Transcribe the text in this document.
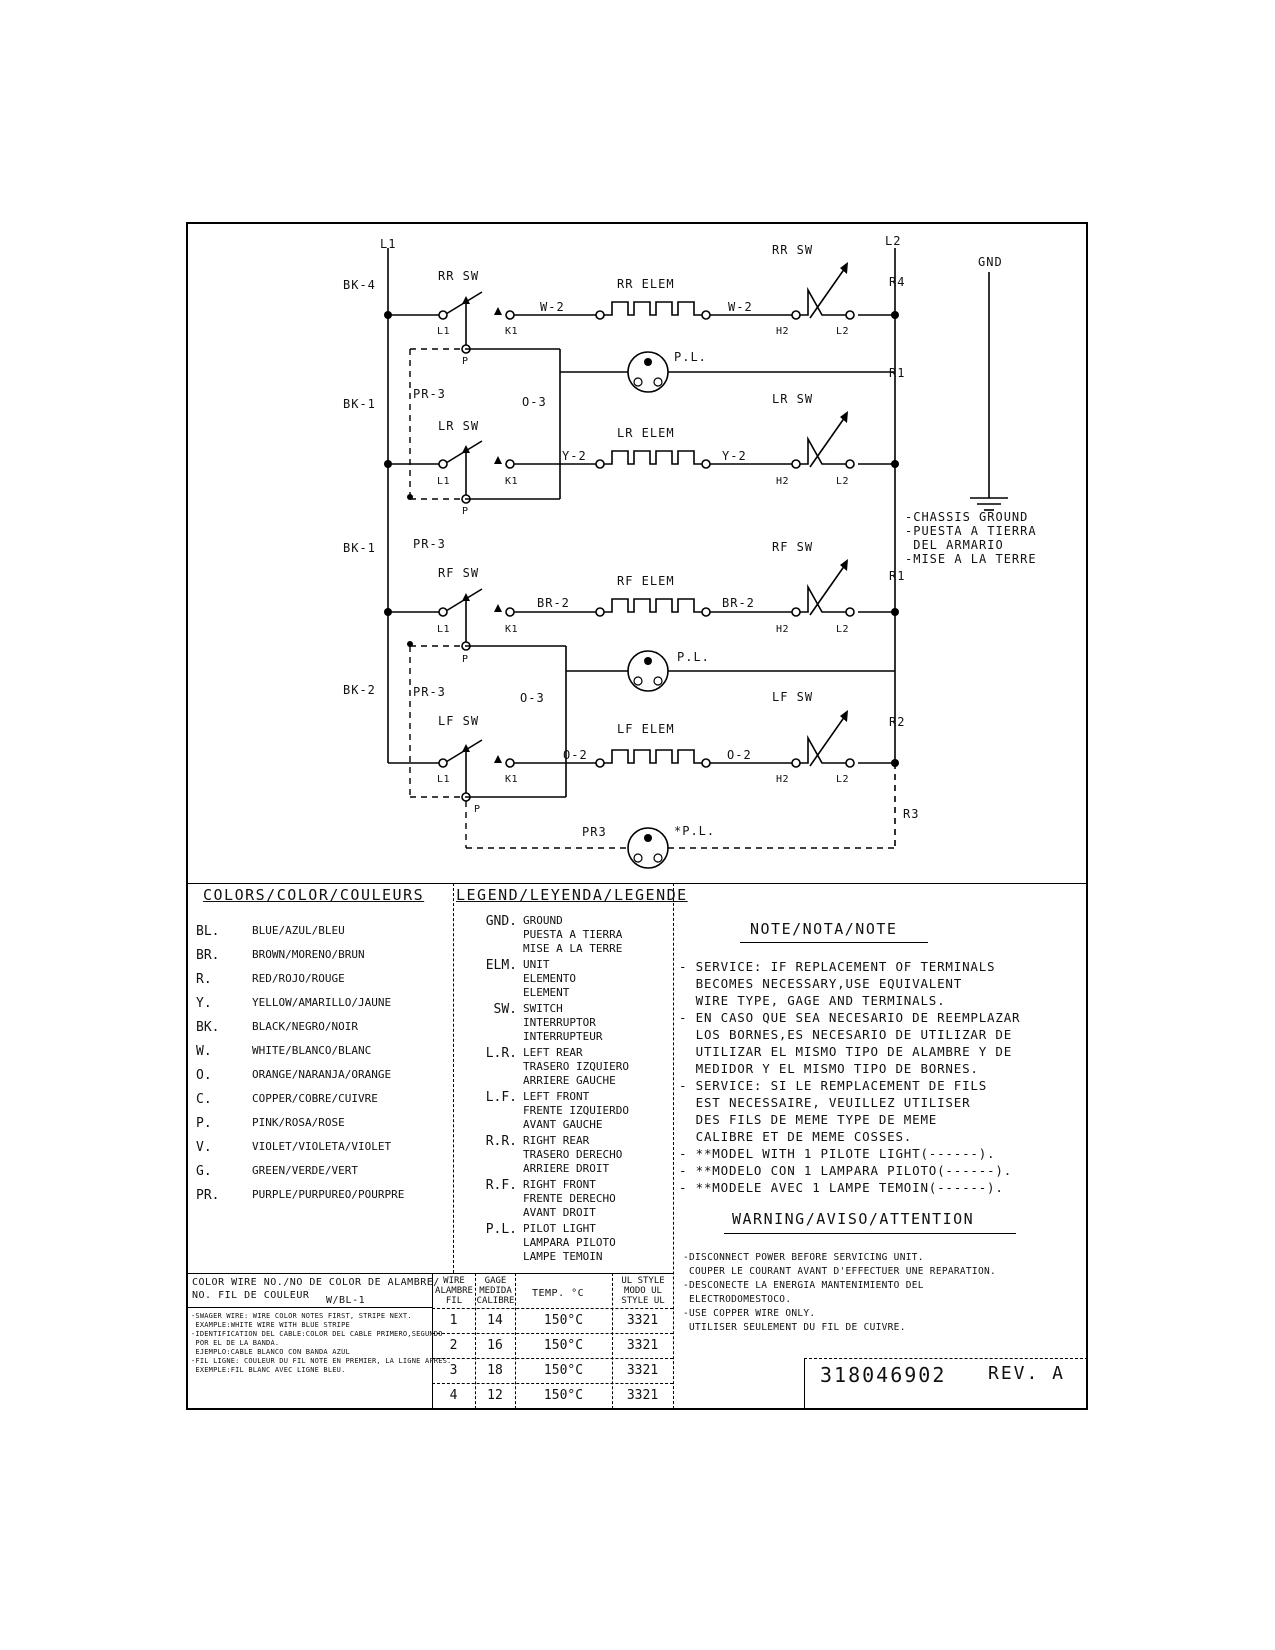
L1	L2
GND
BK-4
BK-1
BK-1
BK-2
PR-3
PR-3
PR-3
PR3
O-3
O-3
RR SW
RR ELEM
W-2	W-2
RR SW
R4
LR SW	LR ELEM
Y-2	Y-2
LR SW
R1
RF SW
RF ELEM
BR-2	BR-2
RF SW
R1
LF SW
LF ELEM
O-2	O-2
LF SW
R2
L1	K1	H2	L2
P
L1	K1	H2	L2
P
L1	K1	H2	L2
P
L1	K1	H2	L2
P
P.L.
P.L.
*P.L.
R3
-CHASSIS GROUND
-PUESTA A TIERRA
DEL ARMARIO
-MISE A LA TERRE
COLORS/COLOR/COULEURS
BL.	BLUE/AZUL/BLEU
BR.	BROWN/MORENO/BRUN
R.	RED/ROJO/ROUGE
Y.	YELLOW/AMARILLO/JAUNE
BK.	BLACK/NEGRO/NOIR
W.	WHITE/BLANCO/BLANC
O.	ORANGE/NARANJA/ORANGE
C.	COPPER/COBRE/CUIVRE
P.	PINK/ROSA/ROSE
V.	VIOLET/VIOLETA/VIOLET
G.	GREEN/VERDE/VERT
PR.	PURPLE/PURPUREO/POURPRE
LEGEND/LEYENDA/LEGENDE
GND. GROUND
PUESTA A TIERRA
MISE A LA TERRE
ELM. UNIT
ELEMENTO
ELEMENT
SW. SWITCH
INTERRUPTOR
INTERRUPTEUR
L.R. LEFT REAR
TRASERO IZQUIERO
ARRIERE GAUCHE
L.F. LEFT FRONT
FRENTE IZQUIERDO
AVANT GAUCHE
R.R. RIGHT REAR
TRASERO DERECHO
ARRIERE DROIT
R.F. RIGHT FRONT
FRENTE DERECHO
AVANT DROIT
P.L. PILOT LIGHT
LAMPARA PILOTO
LAMPE TEMOIN
COLOR WIRE NO./NO DE COLOR DE ALAMBRE/
NO. FIL DE COULEUR W/BL-1
-SWAGER WIRE: WIRE COLOR NOTES FIRST, STRIPE NEXT.
EXAMPLE:WHITE WIRE WITH BLUE STRIPE
-IDENTIFICATION DEL CABLE:COLOR DEL CABLE PRIMERO,SEGUNDO
POR EL DE LA BANDA.
EJEMPLO:CABLE BLANCO CON BANDA AZUL
-FIL LIGNE: COULEUR DU FIL NOTE EN PREMIER, LA LIGNE APRES.
EXEMPLE:FIL BLANC AVEC LIGNE BLEU.
WIRE
ALAMBRE
FIL
GAGE
MEDIDA
CALIBRE
TEMP. °C
UL STYLE
MODO UL
STYLE UL
1	14	150°C	3321
2	16	150°C	3321
3	18	150°C	3321
4	12	150°C	3321
NOTE/NOTA/NOTE
- SERVICE: IF REPLACEMENT OF TERMINALS
BECOMES NECESSARY,USE EQUIVALENT
WIRE TYPE, GAGE AND TERMINALS.
- EN CASO QUE SEA NECESARIO DE REEMPLAZAR
LOS BORNES,ES NECESARIO DE UTILIZAR DE
UTILIZAR EL MISMO TIPO DE ALAMBRE Y DE
MEDIDOR Y EL MISMO TIPO DE BORNES.
- SERVICE: SI LE REMPLACEMENT DE FILS
EST NECESSAIRE, VEUILLEZ UTILISER
DES FILS DE MEME TYPE DE MEME
CALIBRE ET DE MEME COSSES.
- **MODEL WITH 1 PILOTE LIGHT(------).
- **MODELO CON 1 LAMPARA PILOTO(------).
- **MODELE AVEC 1 LAMPE TEMOIN(------).
WARNING/AVISO/ATTENTION
-DISCONNECT POWER BEFORE SERVICING UNIT.
COUPER LE COURANT AVANT D'EFFECTUER UNE REPARATION.
-DESCONECTE LA ENERGIA MANTENIMIENTO DEL
ELECTRODOMESTOCO.
-USE COPPER WIRE ONLY.
UTILISER SEULEMENT DU FIL DE CUIVRE.
318046902 REV. A
